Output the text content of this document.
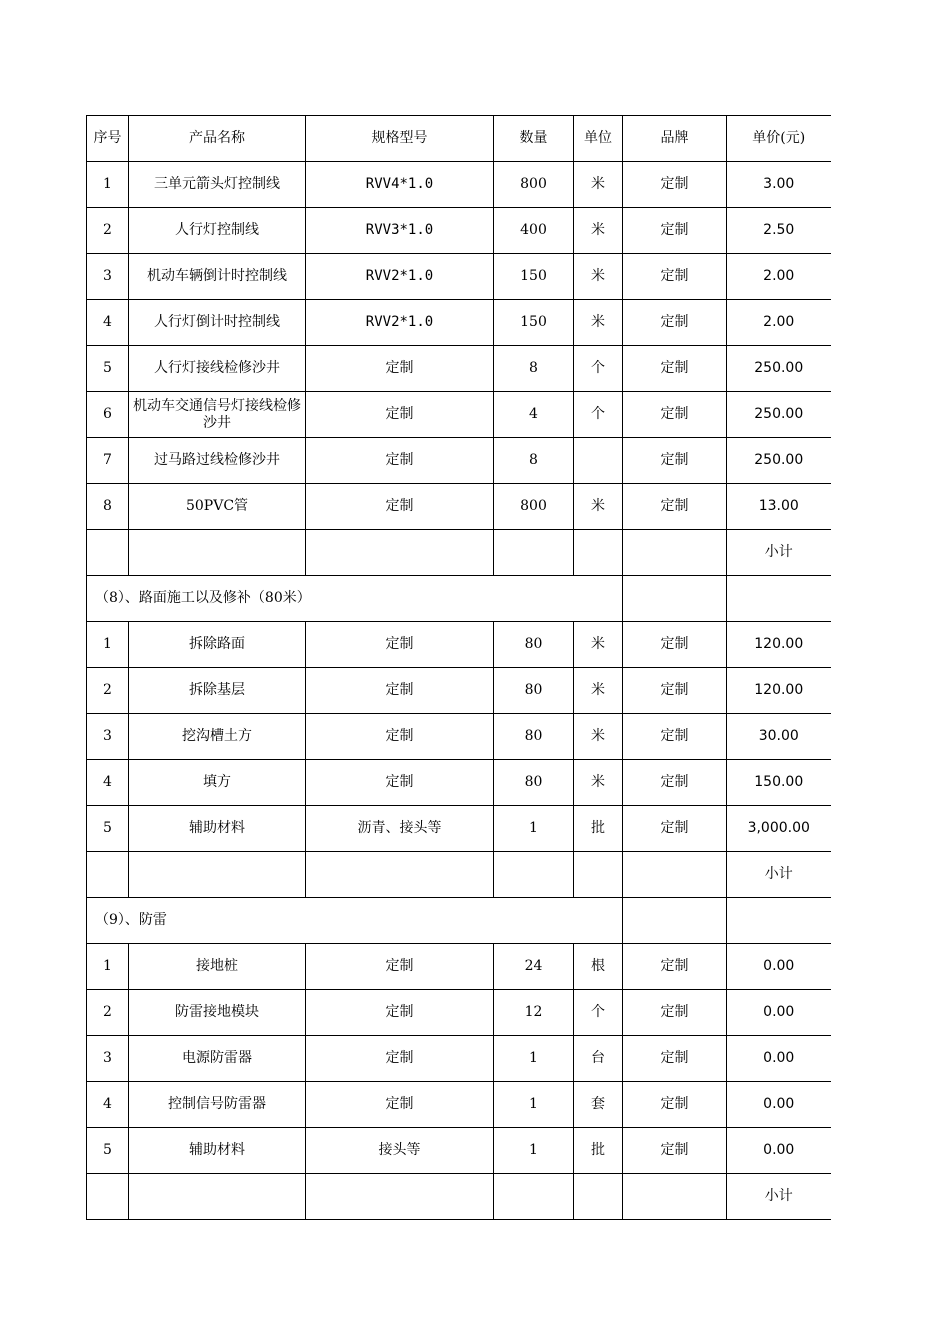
序号	产品名称	规格型号	数量	单位	品牌	单价(元)
1	三单元箭头灯控制线	RVV4*1.0	800	米	定制	3.00
2	人行灯控制线	RVV3*1.0	400	米	定制	2.50
3	机动车辆倒计时控制线	RVV2*1.0	150	米	定制	2.00
4	人行灯倒计时控制线	RVV2*1.0	150	米	定制	2.00
5	人行灯接线检修沙井	定制	8	个	定制	250.00
6	机动车交通信号灯接线检修沙井	定制	4	个	定制	250.00
7	过马路过线检修沙井	定制	8		定制	250.00
8	50PVC管	定制	800	米	定制	13.00
						小计
（8）、路面施工以及修补（80米）						
1	拆除路面	定制	80	米	定制	120.00
2	拆除基层	定制	80	米	定制	120.00
3	挖沟槽土方	定制	80	米	定制	30.00
4	填方	定制	80	米	定制	150.00
5	辅助材料	沥青、接头等	1	批	定制	3,000.00
						小计
（9）、防雷						
1	接地桩	定制	24	根	定制	0.00
2	防雷接地模块	定制	12	个	定制	0.00
3	电源防雷器	定制	1	台	定制	0.00
4	控制信号防雷器	定制	1	套	定制	0.00
5	辅助材料	接头等	1	批	定制	0.00
						小计
